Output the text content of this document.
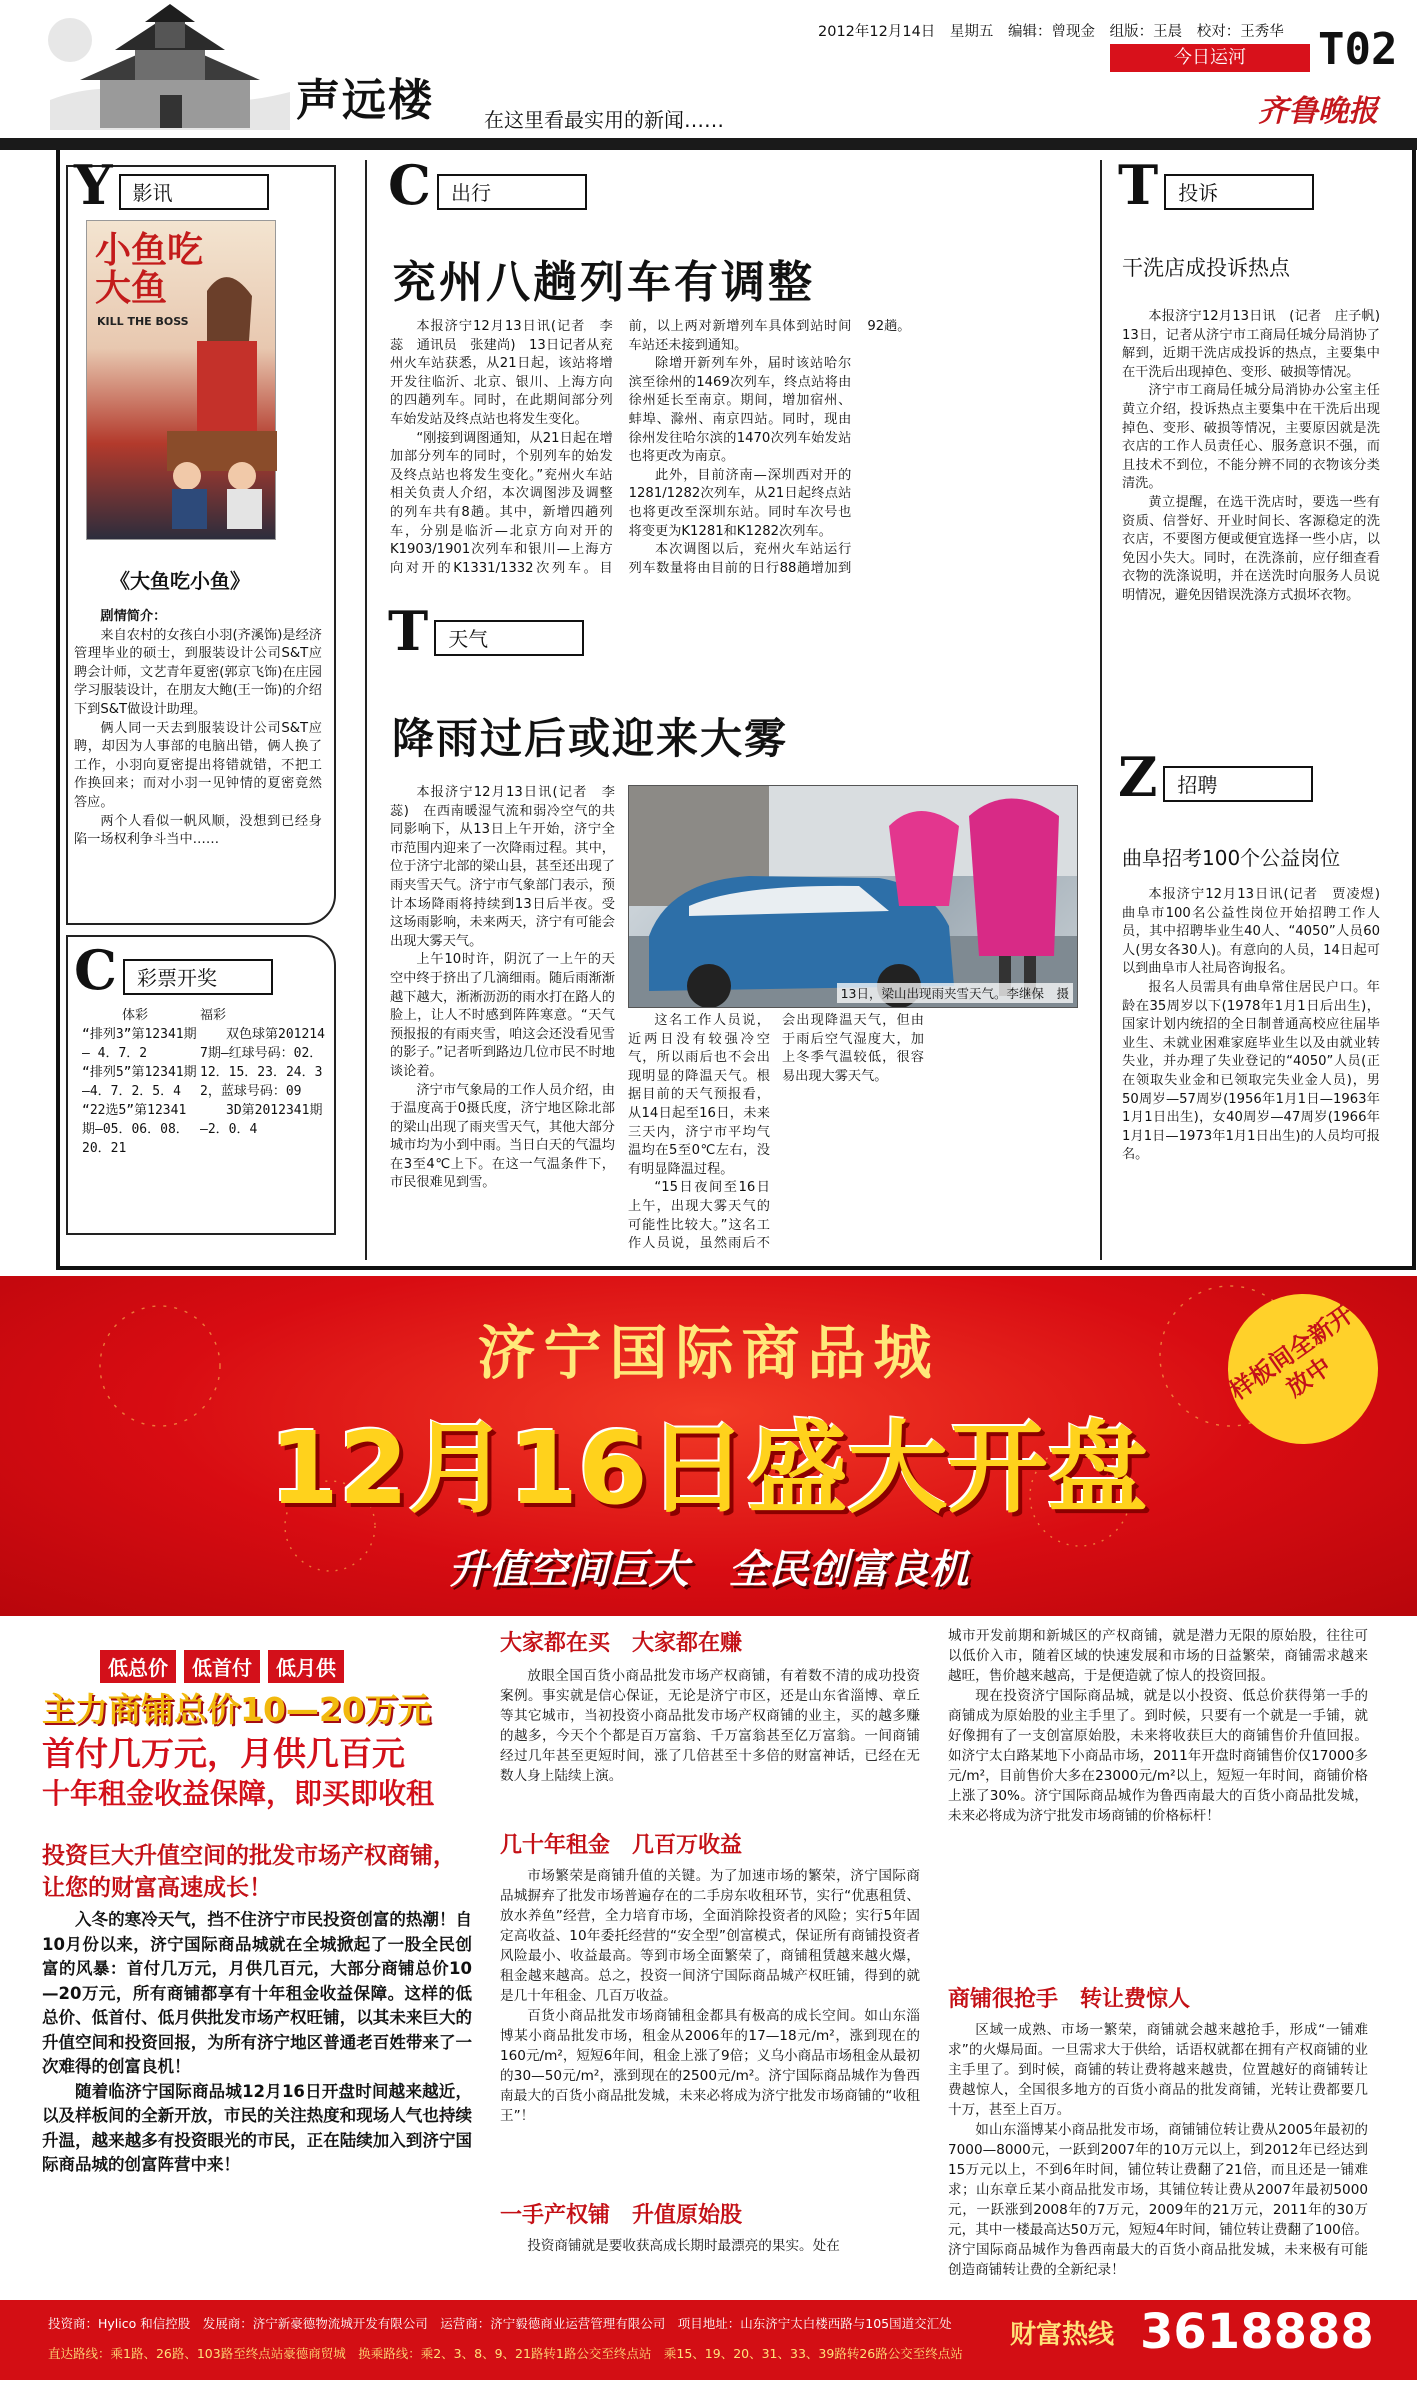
2012年12月14日 星期五 编辑：曾现金 组版：王晨 校对：王秀华
今日运河	T02
声远楼	在这里看最实用的新闻……	齐鲁晚报
Y	影讯
小鱼吃大鱼
KILL THE BOSS
《大鱼吃小鱼》
剧情简介：

来自农村的女孩白小羽(齐溪饰)是经济管理毕业的硕士，到服装设计公司S&T应聘会计师，文艺青年夏密(郭京飞饰)在庄园学习服装设计，在朋友大鲍(王一饰)的介绍下到S&T做设计助理。

俩人同一天去到服装设计公司S&T应聘，却因为人事部的电脑出错，俩人换了工作，小羽向夏密提出将错就错，不把工作换回来；而对小羽一见钟情的夏密竟然答应。

两个人看似一帆风顺，没想到已经身陷一场权利争斗当中……

C	彩票开奖
体彩
“排列3”第12341期— 4．7．2
“排列5”第12341期—4．7．2．5．4
“22选5”第12341期—05．06．08．20．21
福彩
双色球第2012147期—红球号码：02．12．15．23．24．32，蓝球号码：09
3D第2012341期—2．0．4
C	出行
兖州八趟列车有调整

本报济宁12月13日讯(记者　李蕊　通讯员　张建尚)　13日记者从兖州火车站获悉，从21日起，该站将增开发往临沂、北京、银川、上海方向的四趟列车。同时，在此期间部分列车始发站及终点站也将发生变化。

“刚接到调图通知，从21日起在增加部分列车的同时，个别列车的始发及终点站也将发生变化。”兖州火车站相关负责人介绍，本次调图涉及调整的列车共有8趟。其中，新增四趟列车，分别是临沂—北京方向对开的K1903/1901次列车和银川—上海方向对开的K1331/1332次列车。目前，以上两对新增列车具体到站时间车站还未接到通知。

除增开新列车外，届时该站哈尔滨至徐州的1469次列车，终点站将由徐州延长至南京。期间，增加宿州、蚌埠、滁州、南京四站。同时，现由徐州发往哈尔滨的1470次列车始发站也将更改为南京。

此外，目前济南—深圳西对开的1281/1282次列车，从21日起终点站也将更改至深圳东站。同时车次号也将变更为K1281和K1282次列车。

本次调图以后，兖州火车站运行列车数量将由目前的日行88趟增加到92趟。

T	天气
降雨过后或迎来大雾

本报济宁12月13日讯(记者　李蕊)　在西南暖湿气流和弱冷空气的共同影响下，从13日上午开始，济宁全市范围内迎来了一次降雨过程。其中，位于济宁北部的梁山县，甚至还出现了雨夹雪天气。济宁市气象部门表示，预计本场降雨将持续到13日后半夜。受这场雨影响，未来两天，济宁有可能会出现大雾天气。

上午10时许，阴沉了一上午的天空中终于挤出了几滴细雨。随后雨渐渐越下越大，淅淅沥沥的雨水打在路人的脸上，让人不时感到阵阵寒意。“天气预报报的有雨夹雪，咱这会还没看见雪的影子。”记者听到路边几位市民不时地谈论着。

济宁市气象局的工作人员介绍，由于温度高于0摄氏度，济宁地区除北部的梁山出现了雨夹雪天气，其他大部分城市均为小到中雨。当日白天的气温均在3至4℃上下。在这一气温条件下，市民很难见到雪。

13日，梁山出现雨夹雪天气。李继保　摄

这名工作人员说，近两日没有较强冷空气，所以雨后也不会出现明显的降温天气。根据目前的天气预报看，从14日起至16日，未来三天内，济宁市平均气温均在5至0℃左右，没有明显降温过程。

“15日夜间至16日上午，出现大雾天气的可能性比较大。”这名工作人员说，虽然雨后不会出现降温天气，但由于雨后空气湿度大，加上冬季气温较低，很容易出现大雾天气。

T	投诉
干洗店成投诉热点

本报济宁12月13日讯　(记者　庄子帆)　13日，记者从济宁市工商局任城分局消协了解到，近期干洗店成投诉的热点，主要集中在干洗后出现掉色、变形、破损等情况。

济宁市工商局任城分局消协办公室主任黄立介绍，投诉热点主要集中在干洗后出现掉色、变形、破损等情况，主要原因就是洗衣店的工作人员责任心、服务意识不强，而且技术不到位，不能分辨不同的衣物该分类清洗。

黄立提醒，在选干洗店时，要选一些有资质、信誉好、开业时间长、客源稳定的洗衣店，不要图方便或便宜选择一些小店，以免因小失大。同时，在洗涤前，应仔细查看衣物的洗涤说明，并在送洗时向服务人员说明情况，避免因错误洗涤方式损坏衣物。

Z	招聘
曲阜招考100个公益岗位

本报济宁12月13日讯(记者　贾凌煜)　曲阜市100名公益性岗位开始招聘工作人员，其中招聘毕业生40人、“4050”人员60人(男女各30人)。有意向的人员，14日起可以到曲阜市人社局咨询报名。

报名人员需具有曲阜常住居民户口。年龄在35周岁以下(1978年1月1日后出生)，国家计划内统招的全日制普通高校应往届毕业生、未就业困难家庭毕业生以及由就业转失业，并办理了失业登记的“4050”人员(正在领取失业金和已领取完失业金人员)，男50周岁—57周岁(1956年1月1日—1963年1月1日出生)，女40周岁—47周岁(1966年1月1日—1973年1月1日出生)的人员均可报名。

样板间全新开放中
济宁国际商品城
12月16日盛大开盘
升值空间巨大　全民创富良机
低总价	低首付	低月供
主力商铺总价10—20万元
首付几万元，月供几百元
十年租金收益保障，即买即收租
投资巨大升值空间的批发市场产权商铺，让您的财富高速成长！

入冬的寒冷天气，挡不住济宁市民投资创富的热潮！自10月份以来，济宁国际商品城就在全城掀起了一股全民创富的风暴：首付几万元，月供几百元，大部分商铺总价10—20万元，所有商铺都享有十年租金收益保障。这样的低总价、低首付、低月供批发市场产权旺铺，以其未来巨大的升值空间和投资回报，为所有济宁地区普通老百姓带来了一次难得的创富良机！

随着临济宁国际商品城12月16日开盘时间越来越近，以及样板间的全新开放，市民的关注热度和现场人气也持续升温，越来越多有投资眼光的市民，正在陆续加入到济宁国际商品城的创富阵营中来！

大家都在买　大家都在赚

放眼全国百货小商品批发市场产权商铺，有着数不清的成功投资案例。事实就是信心保证，无论是济宁市区，还是山东省淄博、章丘等其它城市，当初投资小商品批发市场产权商铺的业主，买的越多赚的越多，今天个个都是百万富翁、千万富翁甚至亿万富翁。一间商铺经过几年甚至更短时间，涨了几倍甚至十多倍的财富神话，已经在无数人身上陆续上演。

几十年租金　几百万收益

市场繁荣是商铺升值的关键。为了加速市场的繁荣，济宁国际商品城摒弃了批发市场普遍存在的二手房东收租环节，实行“优惠租赁、放水养鱼”经营，全力培育市场，全面消除投资者的风险；实行5年固定高收益、10年委托经营的“安全型”创富模式，保证所有商铺投资者风险最小、收益最高。等到市场全面繁荣了，商铺租赁越来越火爆，租金越来越高。总之，投资一间济宁国际商品城产权旺铺，得到的就是几十年租金、几百万收益。

百货小商品批发市场商铺租金都具有极高的成长空间。如山东淄博某小商品批发市场，租金从2006年的17—18元/m²，涨到现在的160元/m²，短短6年间，租金上涨了9倍；义乌小商品市场租金从最初的30—50元/m²，涨到现在的2500元/m²。济宁国际商品城作为鲁西南最大的百货小商品批发城，未来必将成为济宁批发市场商铺的“收租王”！

一手产权铺　升值原始股

投资商铺就是要收获高成长期时最漂亮的果实。处在

城市开发前期和新城区的产权商铺，就是潜力无限的原始股，往往可以低价入市，随着区域的快速发展和市场的日益繁荣，商铺需求越来越旺，售价越来越高，于是便造就了惊人的投资回报。

现在投资济宁国际商品城，就是以小投资、低总价获得第一手的商铺成为原始股的业主手里了。到时候，只要有一个就是一手铺，就好像拥有了一支创富原始股，未来将收获巨大的商铺售价升值回报。如济宁太白路某地下小商品市场，2011年开盘时商铺售价仅17000多元/m²，目前售价大多在23000元/m²以上，短短一年时间，商铺价格上涨了30%。济宁国际商品城作为鲁西南最大的百货小商品批发城，未来必将成为济宁批发市场商铺的价格标杆！

商铺很抢手　转让费惊人

区域一成熟、市场一繁荣，商铺就会越来越抢手，形成“一铺难求”的火爆局面。一旦需求大于供给，话语权就都在拥有产权商铺的业主手里了。到时候，商铺的转让费将越来越贵，位置越好的商铺转让费越惊人，全国很多地方的百货小商品的批发商铺，光转让费都要几十万，甚至上百万。

如山东淄博某小商品批发市场，商铺铺位转让费从2005年最初的7000—8000元，一跃到2007年的10万元以上，到2012年已经达到15万元以上，不到6年时间，铺位转让费翻了21倍，而且还是一铺难求；山东章丘某小商品批发市场，其铺位转让费从2007年最初5000元，一跃涨到2008年的7万元，2009年的21万元，2011年的30万元，其中一楼最高达50万元，短短4年时间，铺位转让费翻了100倍。济宁国际商品城作为鲁西南最大的百货小商品批发城，未来极有可能创造商铺转让费的全新纪录！

投资商：Hylico 和信控股　发展商：济宁新豪德物流城开发有限公司　运营商：济宁毅德商业运营管理有限公司　项目地址：山东济宁太白楼西路与105国道交汇处
直达路线：乘1路、26路、103路至终点站豪德商贸城　换乘路线：乘2、3、8、9、21路转1路公交至终点站　乘15、19、20、31、33、39路转26路公交至终点站
财富热线 3618888
